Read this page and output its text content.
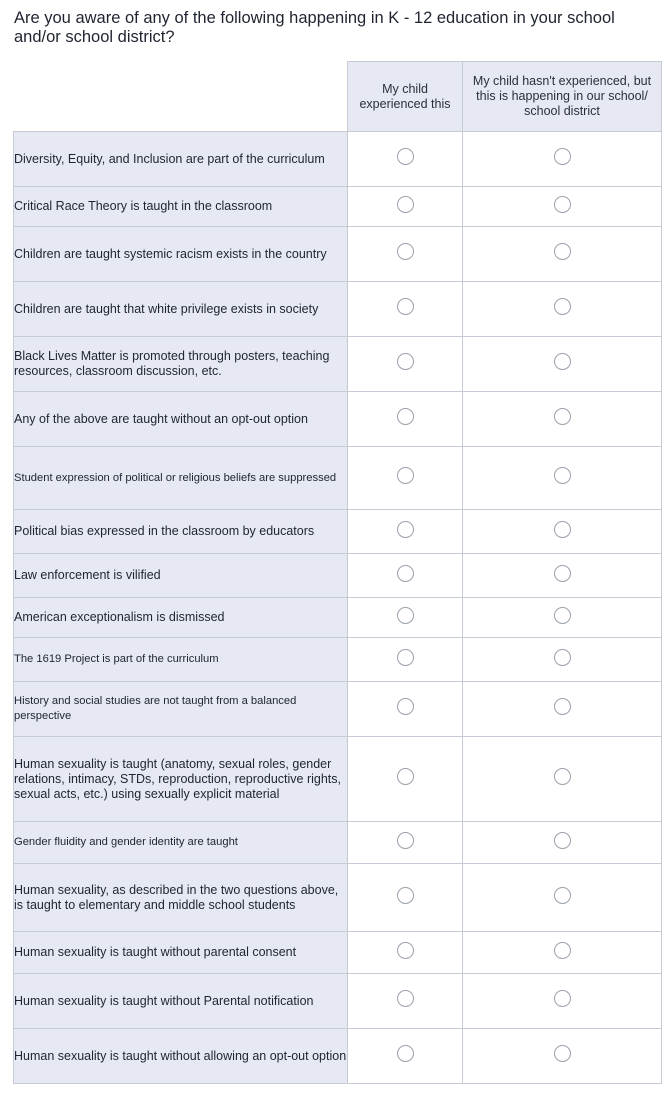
Are you aware of any of the following happening in K - 12 education in your school and/or school district?
	My child experienced this	My child hasn't experienced, but this is happening in our school/ school district
Diversity, Equity, and Inclusion are part of the curriculum		
Critical Race Theory is taught in the classroom		
Children are taught systemic racism exists in the country		
Children are taught that white privilege exists in society		
Black Lives Matter is promoted through posters, teaching resources, classroom discussion, etc.		
Any of the above are taught without an opt-out option		
Student expression of political or religious beliefs are suppressed		
Political bias expressed in the classroom by educators		
Law enforcement is vilified		
American exceptionalism is dismissed		
The 1619 Project is part of the curriculum		
History and social studies are not taught from a balanced perspective		
Human sexuality is taught (anatomy, sexual roles, gender relations, intimacy, STDs, reproduction, reproductive rights, sexual acts, etc.) using sexually explicit material		
Gender fluidity and gender identity are taught		
Human sexuality, as described in the two questions above, is taught to elementary and middle school students		
Human sexuality is taught without parental consent		
Human sexuality is taught without Parental notification		
Human sexuality is taught without allowing an opt-out option		
